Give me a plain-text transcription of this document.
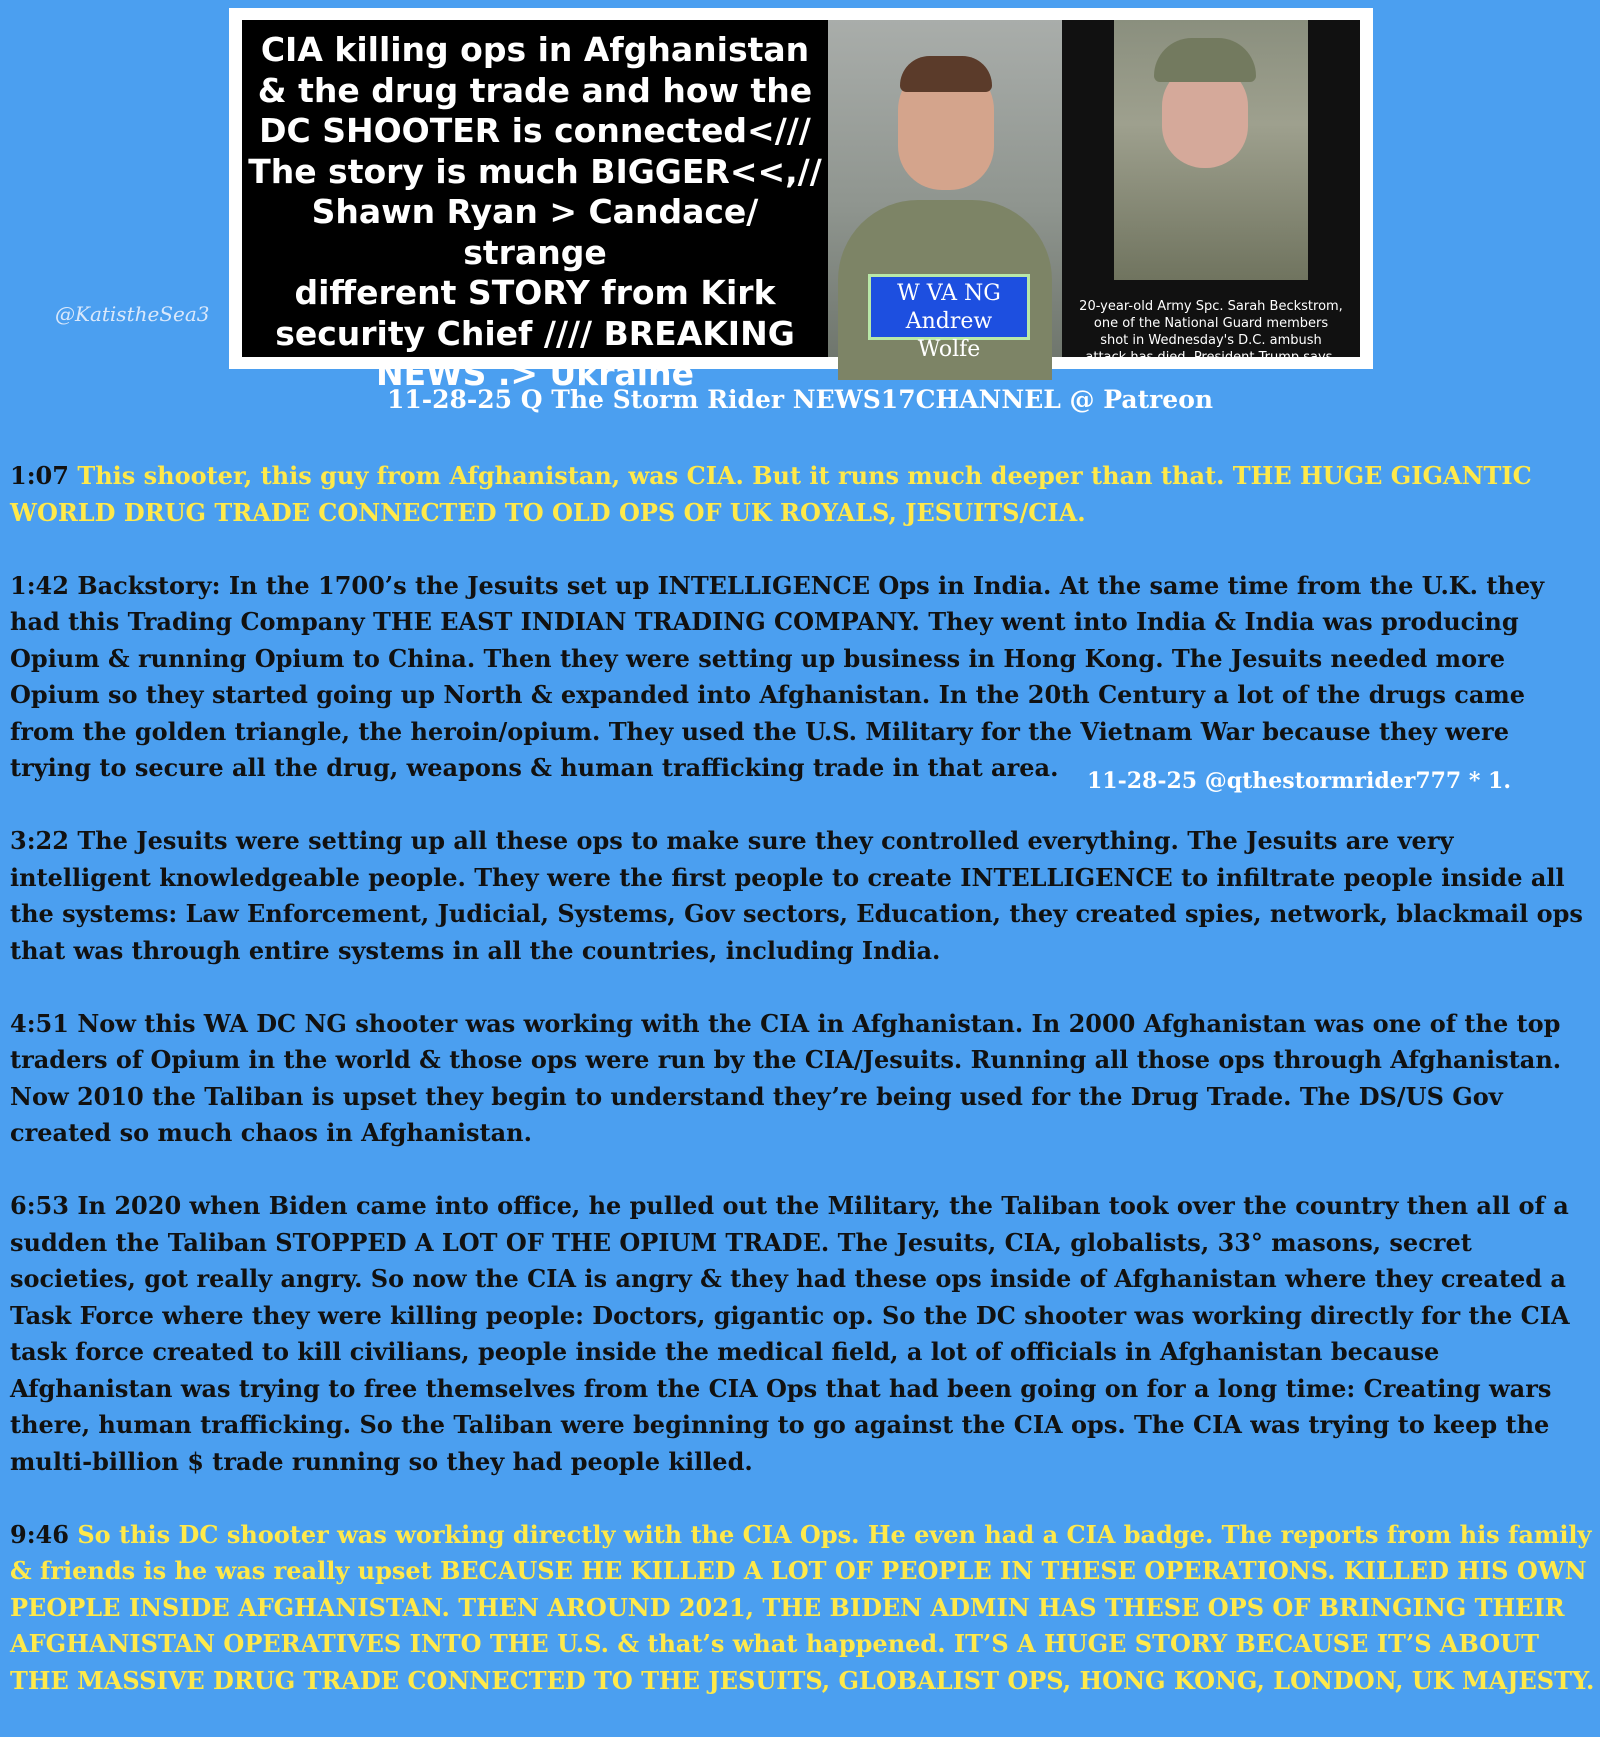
CIA killing ops in Afghanistan
& the drug trade and how the
DC SHOOTER is connected<///
The story is much BIGGER<<,//
Shawn Ryan > Candace/ strange
different STORY from Kirk
security Chief //// BREAKING
NEWS .> Ukraine
W VA NG
Andrew Wolfe
20-year-old Army Spc. Sarah Beckstrom,
one of the National Guard members
shot in Wednesday's D.C. ambush
attack has died, President Trump says.
@KatistheSea3
11-28-25 Q The Storm Rider NEWS17CHANNEL @ Patreon
11-28-25 @qthestormrider777 * 1.

1:07 This shooter, this guy from Afghanistan, was CIA. But it runs much deeper than that. THE HUGE GIGANTIC WORLD DRUG TRADE CONNECTED TO OLD OPS OF UK ROYALS, JESUITS/CIA.

1:42 Backstory: In the 1700’s the Jesuits set up INTELLIGENCE Ops in India. At the same time from the U.K. they had this Trading Company THE EAST INDIAN TRADING COMPANY. They went into India & India was producing Opium & running Opium to China. Then they were setting up business in Hong Kong. The Jesuits needed more Opium so they started going up North & expanded into Afghanistan. In the 20th Century a lot of the drugs came from the golden triangle, the heroin/opium. They used the U.S. Military for the Vietnam War because they were trying to secure all the drug, weapons & human trafficking trade in that area.

3:22 The Jesuits were setting up all these ops to make sure they controlled everything. The Jesuits are very intelligent knowledgeable people. They were the first people to create INTELLIGENCE to infiltrate people inside all the systems: Law Enforcement, Judicial, Systems, Gov sectors, Education, they created spies, network, blackmail ops that was through entire systems in all the countries, including India.

4:51 Now this WA DC NG shooter was working with the CIA in Afghanistan. In 2000 Afghanistan was one of the top traders of Opium in the world & those ops were run by the CIA/Jesuits. Running all those ops through Afghanistan. Now 2010 the Taliban is upset they begin to understand they’re being used for the Drug Trade. The DS/US Gov created so much chaos in Afghanistan.

6:53 In 2020 when Biden came into office, he pulled out the Military, the Taliban took over the country then all of a sudden the Taliban STOPPED A LOT OF THE OPIUM TRADE. The Jesuits, CIA, globalists, 33° masons, secret societies, got really angry. So now the CIA is angry & they had these ops inside of Afghanistan where they created a Task Force where they were killing people: Doctors, gigantic op. So the DC shooter was working directly for the CIA task force created to kill civilians, people inside the medical field, a lot of officials in Afghanistan because Afghanistan was trying to free themselves from the CIA Ops that had been going on for a long time: Creating wars there, human trafficking. So the Taliban were beginning to go against the CIA ops. The CIA was trying to keep the multi-billion $ trade running so they had people killed.

9:46 So this DC shooter was working directly with the CIA Ops. He even had a CIA badge. The reports from his family & friends is he was really upset BECAUSE HE KILLED A LOT OF PEOPLE IN THESE OPERATIONS. KILLED HIS OWN PEOPLE INSIDE AFGHANISTAN. THEN AROUND 2021, THE BIDEN ADMIN HAS THESE OPS OF BRINGING THEIR AFGHANISTAN OPERATIVES INTO THE U.S. & that’s what happened. IT’S A HUGE STORY BECAUSE IT’S ABOUT THE MASSIVE DRUG TRADE CONNECTED TO THE JESUITS, GLOBALIST OPS, HONG KONG, LONDON, UK MAJESTY.
